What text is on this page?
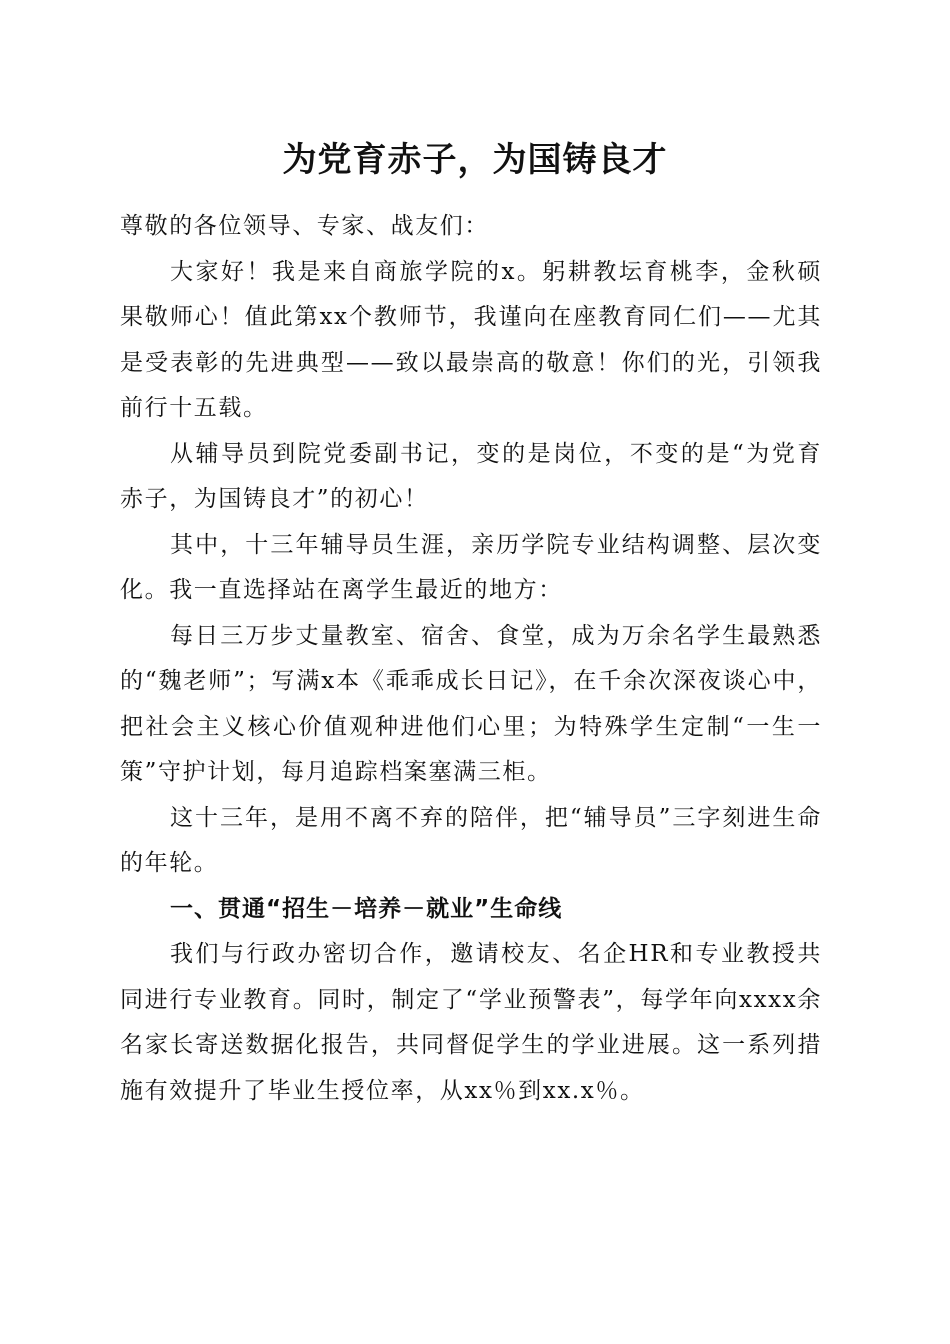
为党育赤子，为国铸良才

尊敬的各位领导、专家、战友们：

大家好！我是来自商旅学院的x。躬耕教坛育桃李，金秋硕果敬师心！值此第xx个教师节，我谨向在座教育同仁们——尤其是受表彰的先进典型——致以最崇高的敬意！你们的光，引领我前行十五载。

从辅导员到院党委副书记，变的是岗位，不变的是“为党育赤子，为国铸良才”的初心！

其中，十三年辅导员生涯，亲历学院专业结构调整、层次变化。我一直选择站在离学生最近的地方：

每日三万步丈量教室、宿舍、食堂，成为万余名学生最熟悉的“魏老师”；写满x本《乖乖成长日记》，在千余次深夜谈心中，把社会主义核心价值观种进他们心里；为特殊学生定制“一生一策”守护计划，每月追踪档案塞满三柜。

这十三年，是用不离不弃的陪伴，把“辅导员”三字刻进生命的年轮。

一、贯通“招生－培养－就业”生命线

我们与行政办密切合作，邀请校友、名企HR和专业教授共同进行专业教育。同时，制定了“学业预警表”，每学年向xxxx余名家长寄送数据化报告，共同督促学生的学业进展。这一系列措施有效提升了毕业生授位率，从xx％到xx.x％。
